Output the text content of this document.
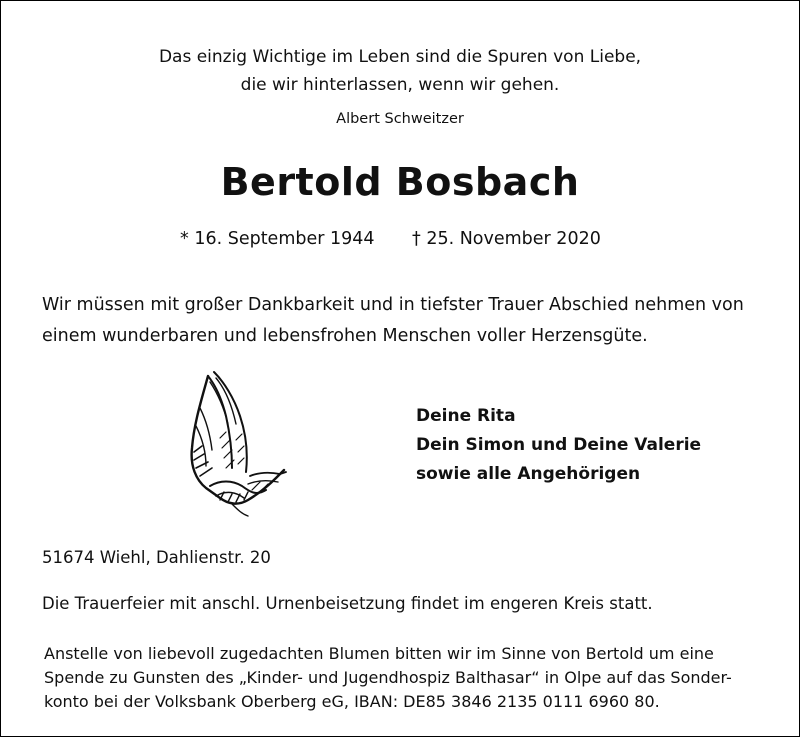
Das einzig Wichtige im Leben sind die Spuren von Liebe,
die wir hinterlassen, wenn wir gehen.
Albert Schweitzer
Bertold Bosbach
* 16. September 1944 † 25. November 2020
Wir müssen mit großer Dankbarkeit und in tiefster Trauer Abschied nehmen von
einem wunderbaren und lebensfrohen Menschen voller Herzensgüte.
Deine Rita
Dein Simon und Deine Valerie
sowie alle Angehörigen
51674 Wiehl, Dahlienstr. 20
Die Trauerfeier mit anschl. Urnenbeisetzung findet im engeren Kreis statt.
Anstelle von liebevoll zugedachten Blumen bitten wir im Sinne von Bertold um eine
Spende zu Gunsten des „Kinder- und Jugendhospiz Balthasar“ in Olpe auf das Sonder-
konto bei der Volksbank Oberberg eG, IBAN: DE85 3846 2135 0111 6960 80.
